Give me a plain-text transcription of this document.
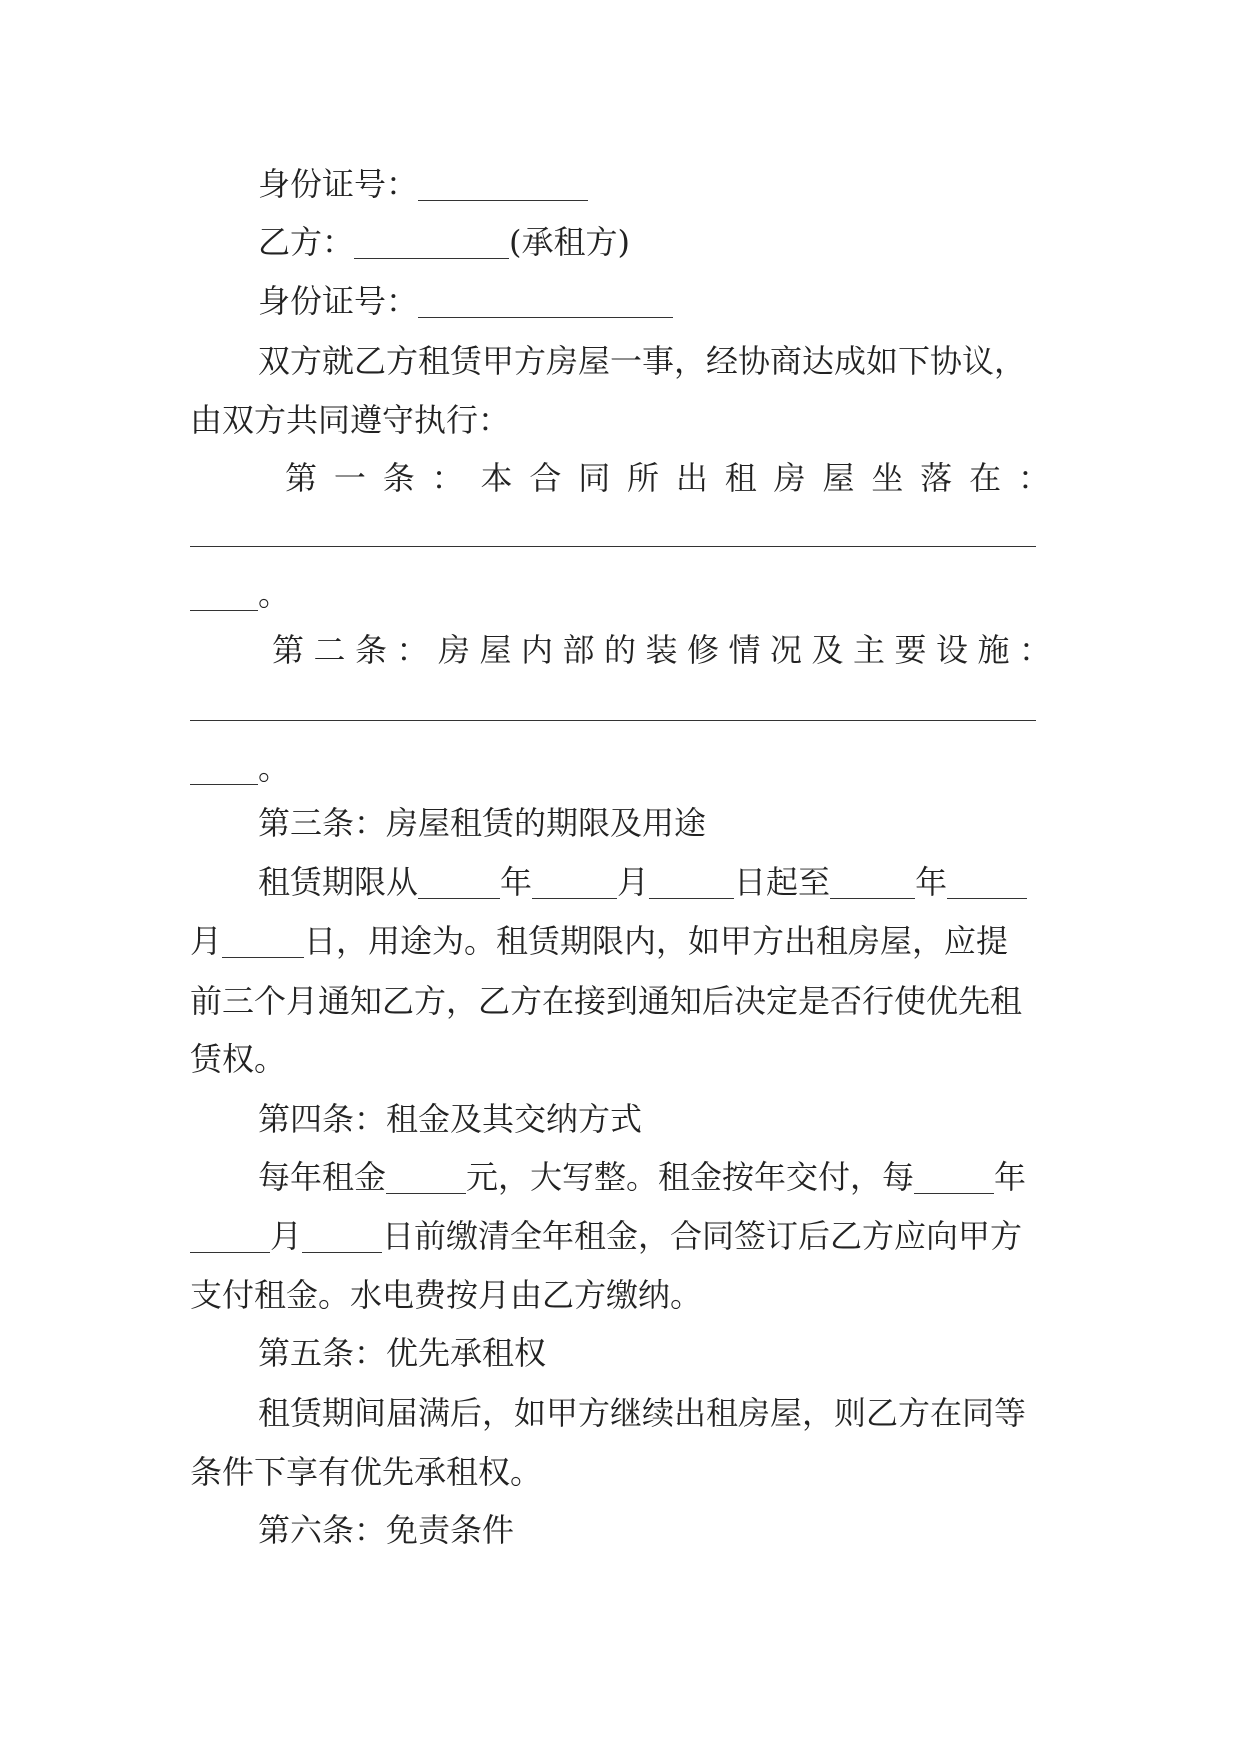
身份证号：
乙方：	(承租方)
身份证号：
双方就乙方租赁甲方房屋一事，经协商达成如下协议，
由双方共同遵守执行：
第一条：本合同所出租房屋坐落在：
。
第二条：房屋内部的装修情况及主要设施：
。
第三条：房屋租赁的期限及用途
租赁期限从	年	月	日起至	年
月	日，用途为。租赁期限内，如甲方出租房屋，应提
前三个月通知乙方，乙方在接到通知后决定是否行使优先租
赁权。
第四条：租金及其交纳方式
每年租金	元，大写整。租金按年交付，每	年
月	日前缴清全年租金，合同签订后乙方应向甲方
支付租金。水电费按月由乙方缴纳。
第五条：优先承租权
租赁期间届满后，如甲方继续出租房屋，则乙方在同等
条件下享有优先承租权。
第六条：免责条件
